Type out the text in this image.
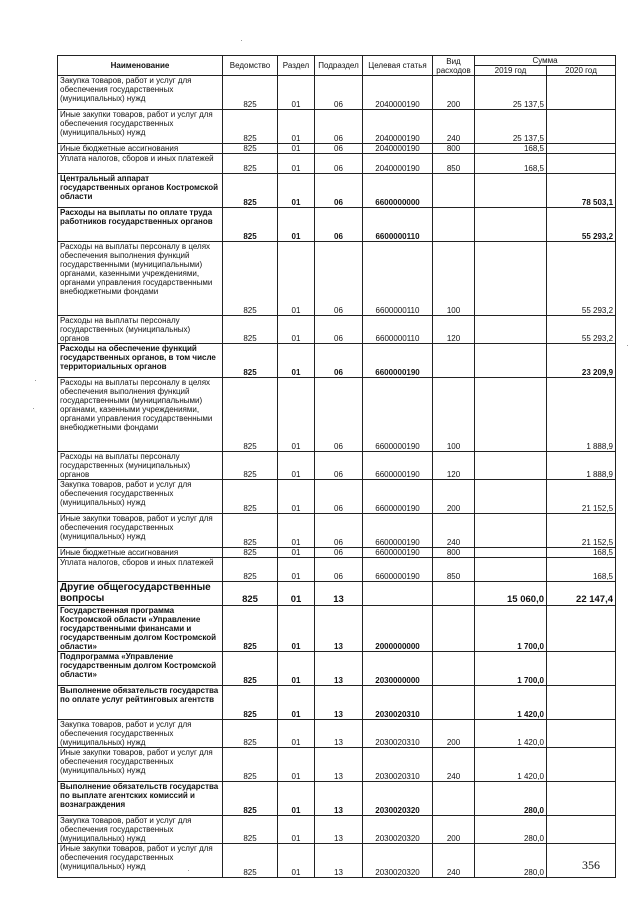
Наименование	Ведомство	Раздел	Подраздел	Целевая статья	Вид расходов	Сумма	
						2019 год	2020 год
Закупка товаров, работ и услуг для обеспечения государственных (муниципальных) нужд	825	01	06	2040000190	200	25 137,5	
Иные закупки товаров, работ и услуг для обеспечения государственных (муниципальных) нужд	825	01	06	2040000190	240	25 137,5	
Иные бюджетные ассигнования	825	01	06	2040000190	800	168,5	
Уплата налогов, сборов и иных платежей	825	01	06	2040000190	850	168,5	
Центральный аппарат государственных органов Костромской области	825	01	06	6600000000			78 503,1
Расходы на выплаты по оплате труда работников государственных органов	825	01	06	6600000110			55 293,2
Расходы на выплаты персоналу в целях обеспечения выполнения функций государственными (муниципальными) органами, казенными учреждениями, органами управления государственными внебюджетными фондами	825	01	06	6600000110	100		55 293,2
Расходы на выплаты персоналу государственных (муниципальных) органов	825	01	06	6600000110	120		55 293,2
Расходы на обеспечение функций государственных органов, в том числе территориальных органов	825	01	06	6600000190			23 209,9
Расходы на выплаты персоналу в целях обеспечения выполнения функций государственными (муниципальными) органами, казенными учреждениями, органами управления государственными внебюджетными фондами	825	01	06	6600000190	100		1 888,9
Расходы на выплаты персоналу государственных (муниципальных) органов	825	01	06	6600000190	120		1 888,9
Закупка товаров, работ и услуг для обеспечения государственных (муниципальных) нужд	825	01	06	6600000190	200		21 152,5
Иные закупки товаров, работ и услуг для обеспечения государственных (муниципальных) нужд	825	01	06	6600000190	240		21 152,5
Иные бюджетные ассигнования	825	01	06	6600000190	800		168,5
Уплата налогов, сборов и иных платежей	825	01	06	6600000190	850		168,5
Другие общегосударственные вопросы	825	01	13			15 060,0	22 147,4
Государственная программа Костромской области «Управление государственными финансами и государственным долгом Костромской области»	825	01	13	2000000000		1 700,0	
Подпрограмма «Управление государственным долгом Костромской области»	825	01	13	2030000000		1 700,0	
Выполнение обязательств государства по оплате услуг рейтинговых агентств	825	01	13	2030020310		1 420,0	
Закупка товаров, работ и услуг для обеспечения государственных (муниципальных) нужд	825	01	13	2030020310	200	1 420,0	
Иные закупки товаров, работ и услуг для обеспечения государственных (муниципальных) нужд	825	01	13	2030020310	240	1 420,0	
Выполнение обязательств государства по выплате агентских комиссий и вознаграждения	825	01	13	2030020320		280,0	
Закупка товаров, работ и услуг для обеспечения государственных (муниципальных) нужд	825	01	13	2030020320	200	280,0	
Иные закупки товаров, работ и услуг для обеспечения государственных (муниципальных) нужд	825	01	13	2030020320	240	280,0	
356
